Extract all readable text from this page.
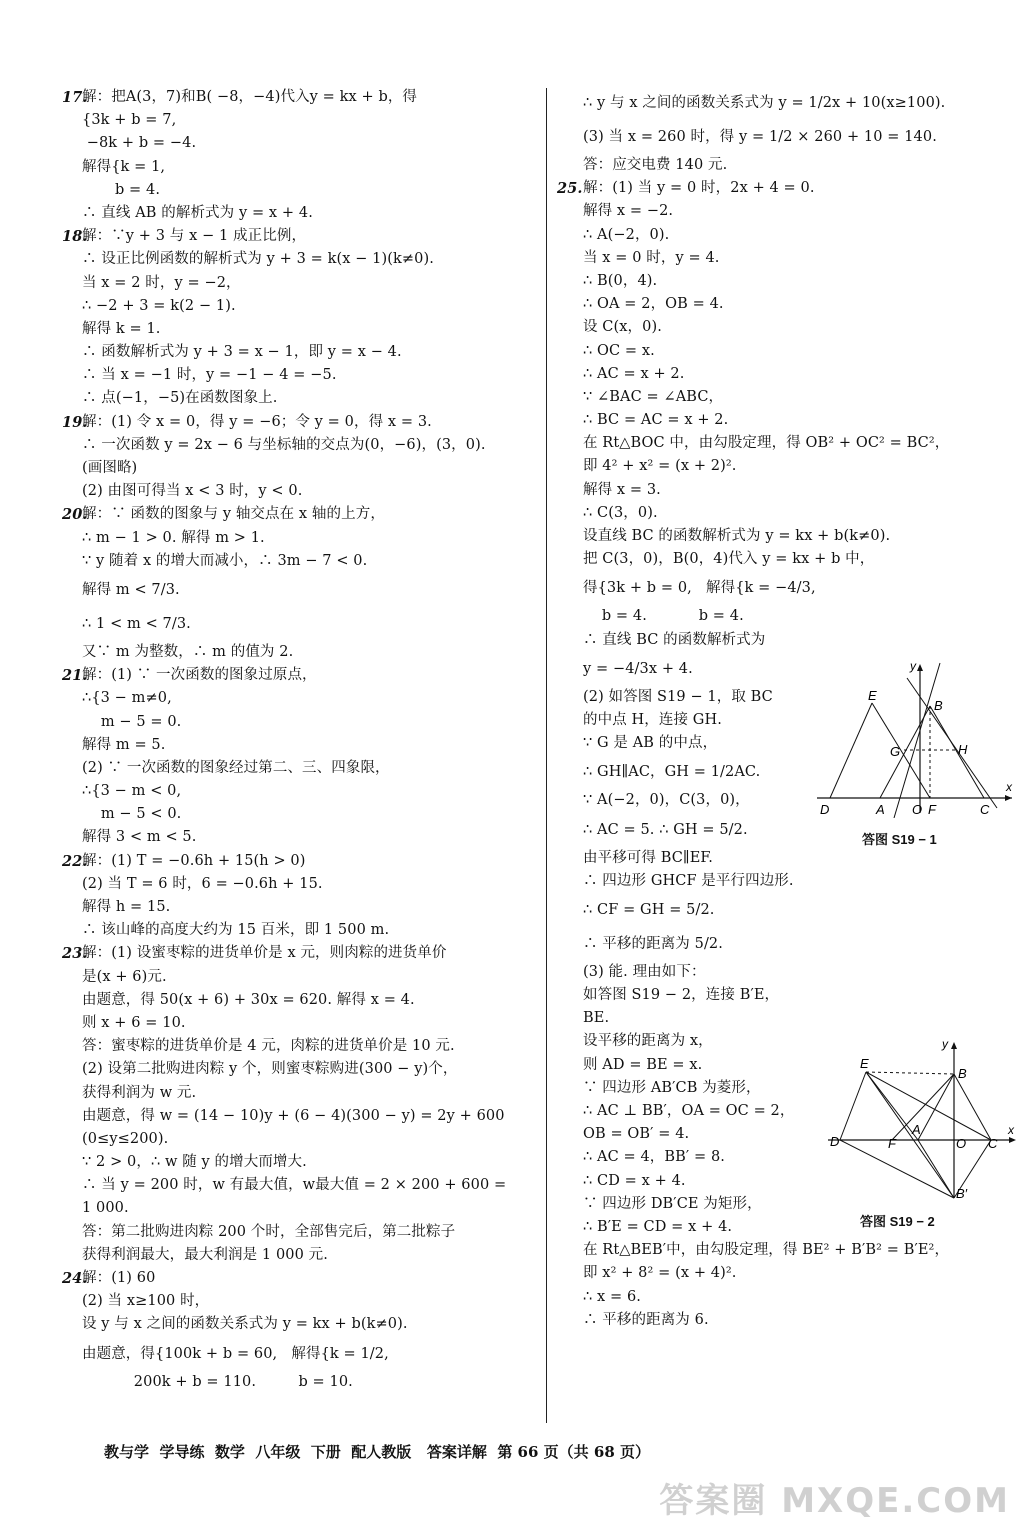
17.
解：把A(3，7)和B( −8，−4)代入y = kx + b，得
{3k + b = 7,
−8k + b = −4.
解得{k = 1,
b = 4.
∴ 直线 AB 的解析式为 y = x + 4.
18.
解：∵y + 3 与 x − 1 成正比例，
∴ 设正比例函数的解析式为 y + 3 = k(x − 1)(k≠0).
当 x = 2 时，y = −2，
∴ −2 + 3 = k(2 − 1).
解得 k = 1.
∴ 函数解析式为 y + 3 = x − 1，即 y = x − 4.
∴ 当 x = −1 时，y = −1 − 4 = −5.
∴ 点(−1，−5)在函数图象上.
19.
解：(1) 令 x = 0，得 y = −6；令 y = 0，得 x = 3.
∴ 一次函数 y = 2x − 6 与坐标轴的交点为(0，−6)，(3，0).
(画图略)
(2) 由图可得当 x < 3 时，y < 0.
20.
解：∵ 函数的图象与 y 轴交点在 x 轴的上方，
∴ m − 1 > 0. 解得 m > 1.
∵ y 随着 x 的增大而减小，∴ 3m − 7 < 0.
解得 m < 7/3.
∴ 1 < m < 7/3.
又∵ m 为整数，∴ m 的值为 2.
21.
解：(1) ∵ 一次函数的图象过原点，
∴{3 − m≠0,
m − 5 = 0.
解得 m = 5.
(2) ∵ 一次函数的图象经过第二、三、四象限，
∴{3 − m < 0,
m − 5 < 0.
解得 3 < m < 5.
22.
解：(1) T = −0.6h + 15(h > 0)
(2) 当 T = 6 时，6 = −0.6h + 15.
解得 h = 15.
∴ 该山峰的高度大约为 15 百米，即 1 500 m.
23.
解：(1) 设蜜枣粽的进货单价是 x 元，则肉粽的进货单价
是(x + 6)元.
由题意，得 50(x + 6) + 30x = 620. 解得 x = 4.
则 x + 6 = 10.
答：蜜枣粽的进货单价是 4 元，肉粽的进货单价是 10 元.
(2) 设第二批购进肉粽 y 个，则蜜枣粽购进(300 − y)个，
获得利润为 w 元.
由题意，得 w = (14 − 10)y + (6 − 4)(300 − y) = 2y + 600
(0≤y≤200).
∵ 2 > 0，∴ w 随 y 的增大而增大.
∴ 当 y = 200 时，w 有最大值，w最大值 = 2 × 200 + 600 =
1 000.
答：第二批购进肉粽 200 个时，全部售完后，第二批粽子
获得利润最大，最大利润是 1 000 元.
24.
解：(1) 60
(2) 当 x≥100 时，
设 y 与 x 之间的函数关系式为 y = kx + b(k≠0).
由题意，得{100k + b = 60,   解得{k = 1/2,
200k + b = 110.         b = 10.
∴ y 与 x 之间的函数关系式为 y = 1/2x + 10(x≥100).
(3) 当 x = 260 时，得 y = 1/2 × 260 + 10 = 140.
答：应交电费 140 元.
25. 解：(1) 当 y = 0 时，2x + 4 = 0.
解得 x = −2.
∴ A(−2，0).
当 x = 0 时，y = 4.
∴ B(0，4).
∴ OA = 2，OB = 4.
设 C(x，0).
∴ OC = x.
∴ AC = x + 2.
∵ ∠BAC = ∠ABC，
∴ BC = AC = x + 2.
在 Rt△BOC 中，由勾股定理，得 OB² + OC² = BC²，
即 4² + x² = (x + 2)².
解得 x = 3.
∴ C(3，0).
设直线 BC 的函数解析式为 y = kx + b(k≠0).
把 C(3，0)，B(0，4)代入 y = kx + b 中，
得{3k + b = 0,   解得{k = −4/3,
b = 4.           b = 4.
∴ 直线 BC 的函数解析式为
y = −4/3x + 4.
(2) 如答图 S19 − 1，取 BC
的中点 H，连接 GH.
∵ G 是 AB 的中点，
∴ GH∥AC，GH = 1/2AC.
∵ A(−2，0)，C(3，0)，
∴ AC = 5. ∴ GH = 5/2.
由平移可得 BC∥EF.
∴ 四边形 GHCF 是平行四边形.
∴ CF = GH = 5/2.
∴ 平移的距离为 5/2.
(3) 能. 理由如下：
如答图 S19 − 2，连接 B′E，
BE.
设平移的距离为 x，
则 AD = BE = x.
∵ 四边形 AB′CB 为菱形，
∴ AC ⊥ BB′，OA = OC = 2，
OB = OB′ = 4.
∴ AC = 4，BB′ = 8.
∴ CD = x + 4.
∵ 四边形 DB′CE 为矩形，
∴ B′E = CD = x + 4.
在 Rt△BEB′中，由勾股定理，得 BE² + B′B² = B′E²，
即 x² + 8² = (x + 4)².
∴ x = 6.
∴ 平移的距离为 6.
E
B
G	H
D	A O F	C
x
y
答图 S19 − 1
E
B
D	F
A
O C
B′
x
y
答图 S19 − 2
教与学  学导练  数学  八年级  下册  配人教版   答案详解  第 66 页（共 68 页）
答案圈 MXQE.COM
